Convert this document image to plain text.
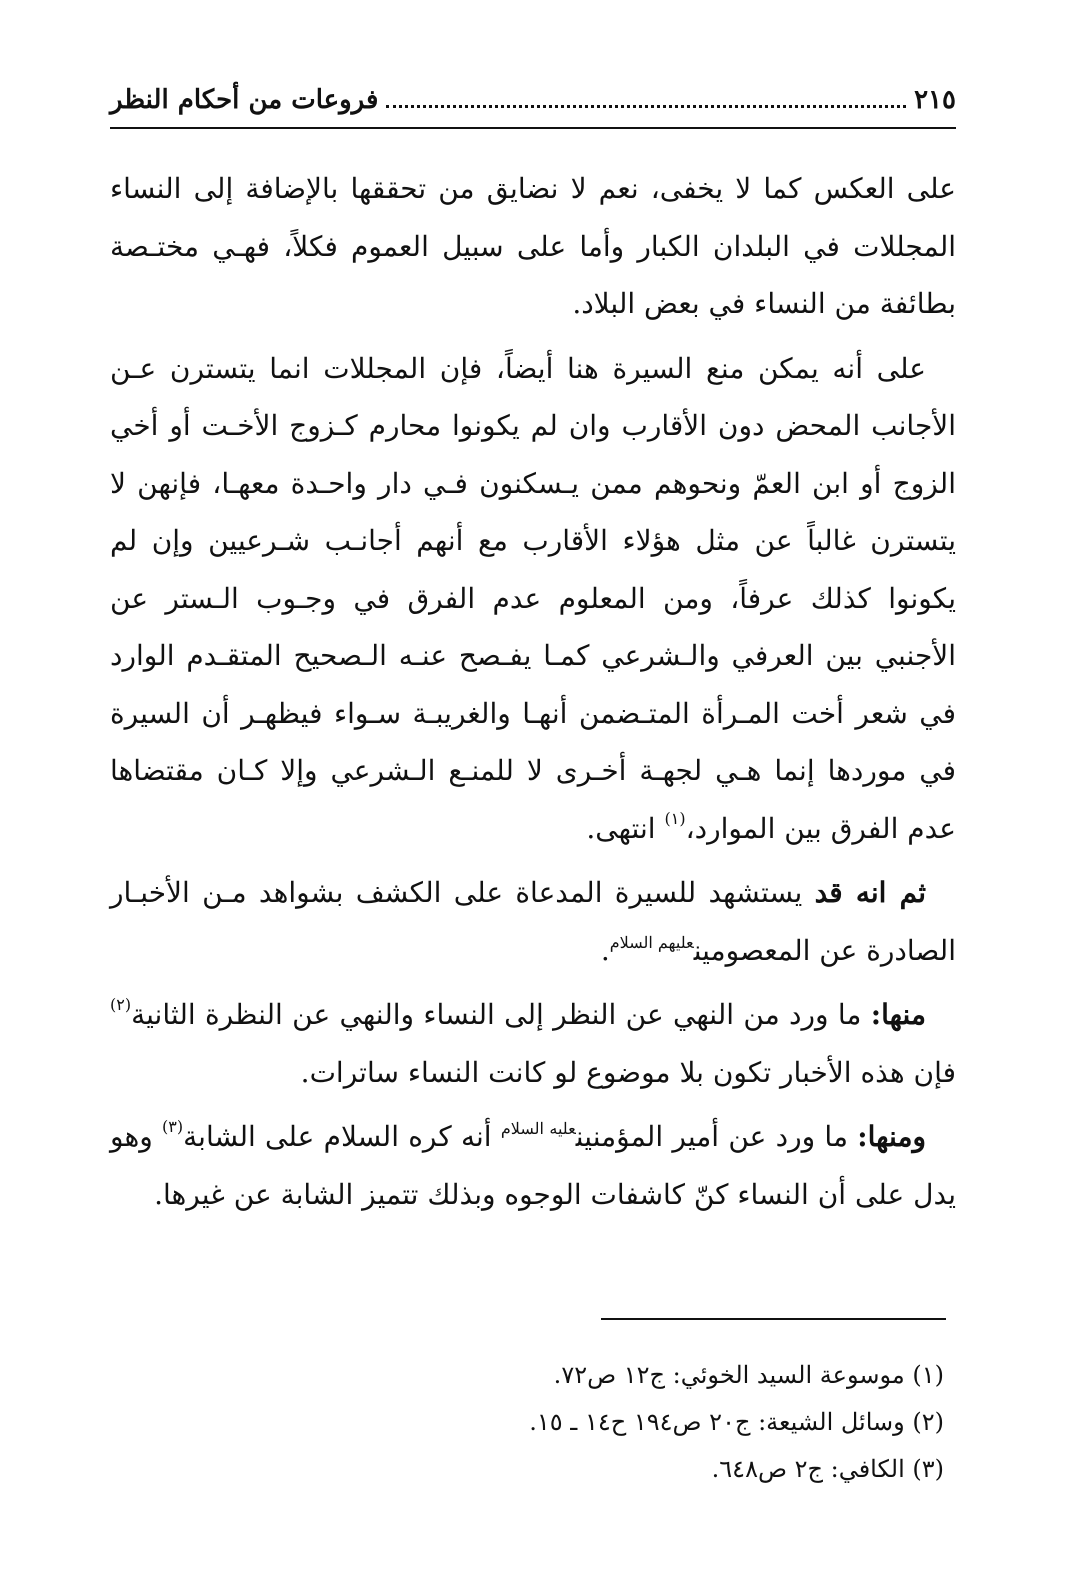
٢١٥
فروعات من أحكام النظر

على العكس كما لا يخفى، نعم لا نضايق من تحققها بالإضافة إلى النساء المجللات في البلدان الكبار وأما على سبيل العموم فكلاً، فهـي مختـصة بطائفة من النساء في بعض البلاد.

على أنه يمكن منع السيرة هنا أيضاً، فإن المجللات انما يتسترن عـن الأجانب المحض دون الأقارب وان لم يكونوا محارم كـزوج الأخـت أو أخي الزوج أو ابن العمّ ونحوهم ممن يـسكنون فـي دار واحـدة معهـا، فإنهن لا يتسترن غالباً عن مثل هؤلاء الأقارب مع أنهم أجانـب شـرعيين وإن لم يكونوا كذلك عرفاً، ومن المعلوم عدم الفرق في وجـوب الـستر عن الأجنبي بين العرفي والـشرعي كمـا يفـصح عنـه الـصحيح المتقـدم الوارد في شعر أخت المـرأة المتـضمن أنهـا والغريبـة سـواء فيظهـر أن السيرة في موردها إنما هـي لجهـة أخـرى لا للمنـع الـشرعي وإلا كـان مقتضاها عدم الفرق بين الموارد،$^{(١)}$ انتهى.

ثم انه قد يستشهد للسيرة المدعاة على الكشف بشواهد مـن الأخبـار الصادرة عن المعصومين$^{عليهم السلام}$.

منها: ما ورد من النهي عن النظر إلى النساء والنهي عن النظرة الثانية$^{(٢)}$ فإن هذه الأخبار تكون بلا موضوع لو كانت النساء ساترات.

ومنها: ما ورد عن أمير المؤمنين$^{عليه السلام}$ أنه كره السلام على الشابة$^{(٣)}$ وهو يدل على أن النساء كنّ كاشفات الوجوه وبذلك تتميز الشابة عن غيرها.

(١) موسوعة السيد الخوئي: ج١٢ ص٧٢.
(٢) وسائل الشيعة: ج٢٠ ص١٩٤ ح١٤ ـ ١٥.
(٣) الكافي: ج٢ ص٦٤٨.
